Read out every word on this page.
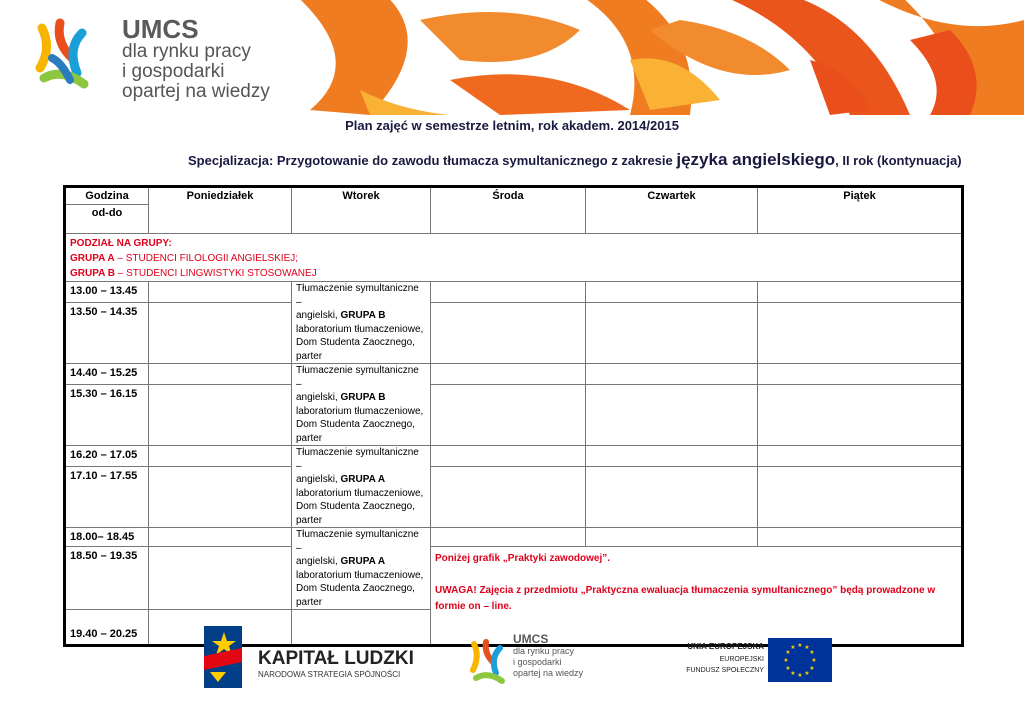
UMCS
dla rynku pracy
i gospodarki
opartej na wiedzy
Plan zajęć w semestrze letnim, rok akadem. 2014/2015
Specjalizacja: Przygotowanie do zawodu tłumacza symultanicznego z zakresie języka angielskiego, II rok (kontynuacja)
Godzina	Poniedziałek	Wtorek	Środa	Czwartek	Piątek
od-do					
PODZIAŁ NA GRUPY:
GRUPA A – STUDENCI FILOLOGII ANGIELSKIEJ;
GRUPA B – STUDENCI LINGWISTYKI STOSOWANEJ					
13.00 – 13.45		Tłumaczenie symultaniczne –
angielski, GRUPA B
laboratorium tłumaczeniowe,
Dom Studenta Zaocznego,
parter			
13.50 – 14.35					
14.40 – 15.25		Tłumaczenie symultaniczne –
angielski, GRUPA B
laboratorium tłumaczeniowe,
Dom Studenta Zaocznego,
parter			
15.30 – 16.15					
16.20 – 17.05		Tłumaczenie symultaniczne –
angielski, GRUPA A
laboratorium tłumaczeniowe,
Dom Studenta Zaocznego,
parter			
17.10 – 17.55					
18.00– 18.45		Tłumaczenie symultaniczne –
angielski, GRUPA A
laboratorium tłumaczeniowe,
Dom Studenta Zaocznego,
parter			
18.50 – 19.35			Poniżej grafik „Praktyki zawodowej”.

UWAGA! Zajęcia z przedmiotu „Praktyczna ewaluacja tłumaczenia symultanicznego” będą prowadzone w formie on – line.		
19.40 – 20.25					
KAPITAŁ LUDZKI
NARODOWA STRATEGIA SPÓJNOŚCI
UMCS
dla rynku pracy
i gospodarki
opartej na wiedzy
UNIA EUROPEJSKA
EUROPEJSKI
FUNDUSZ SPOŁECZNY
★ ★
★
★
★
★
★
★
★
★
★
★
